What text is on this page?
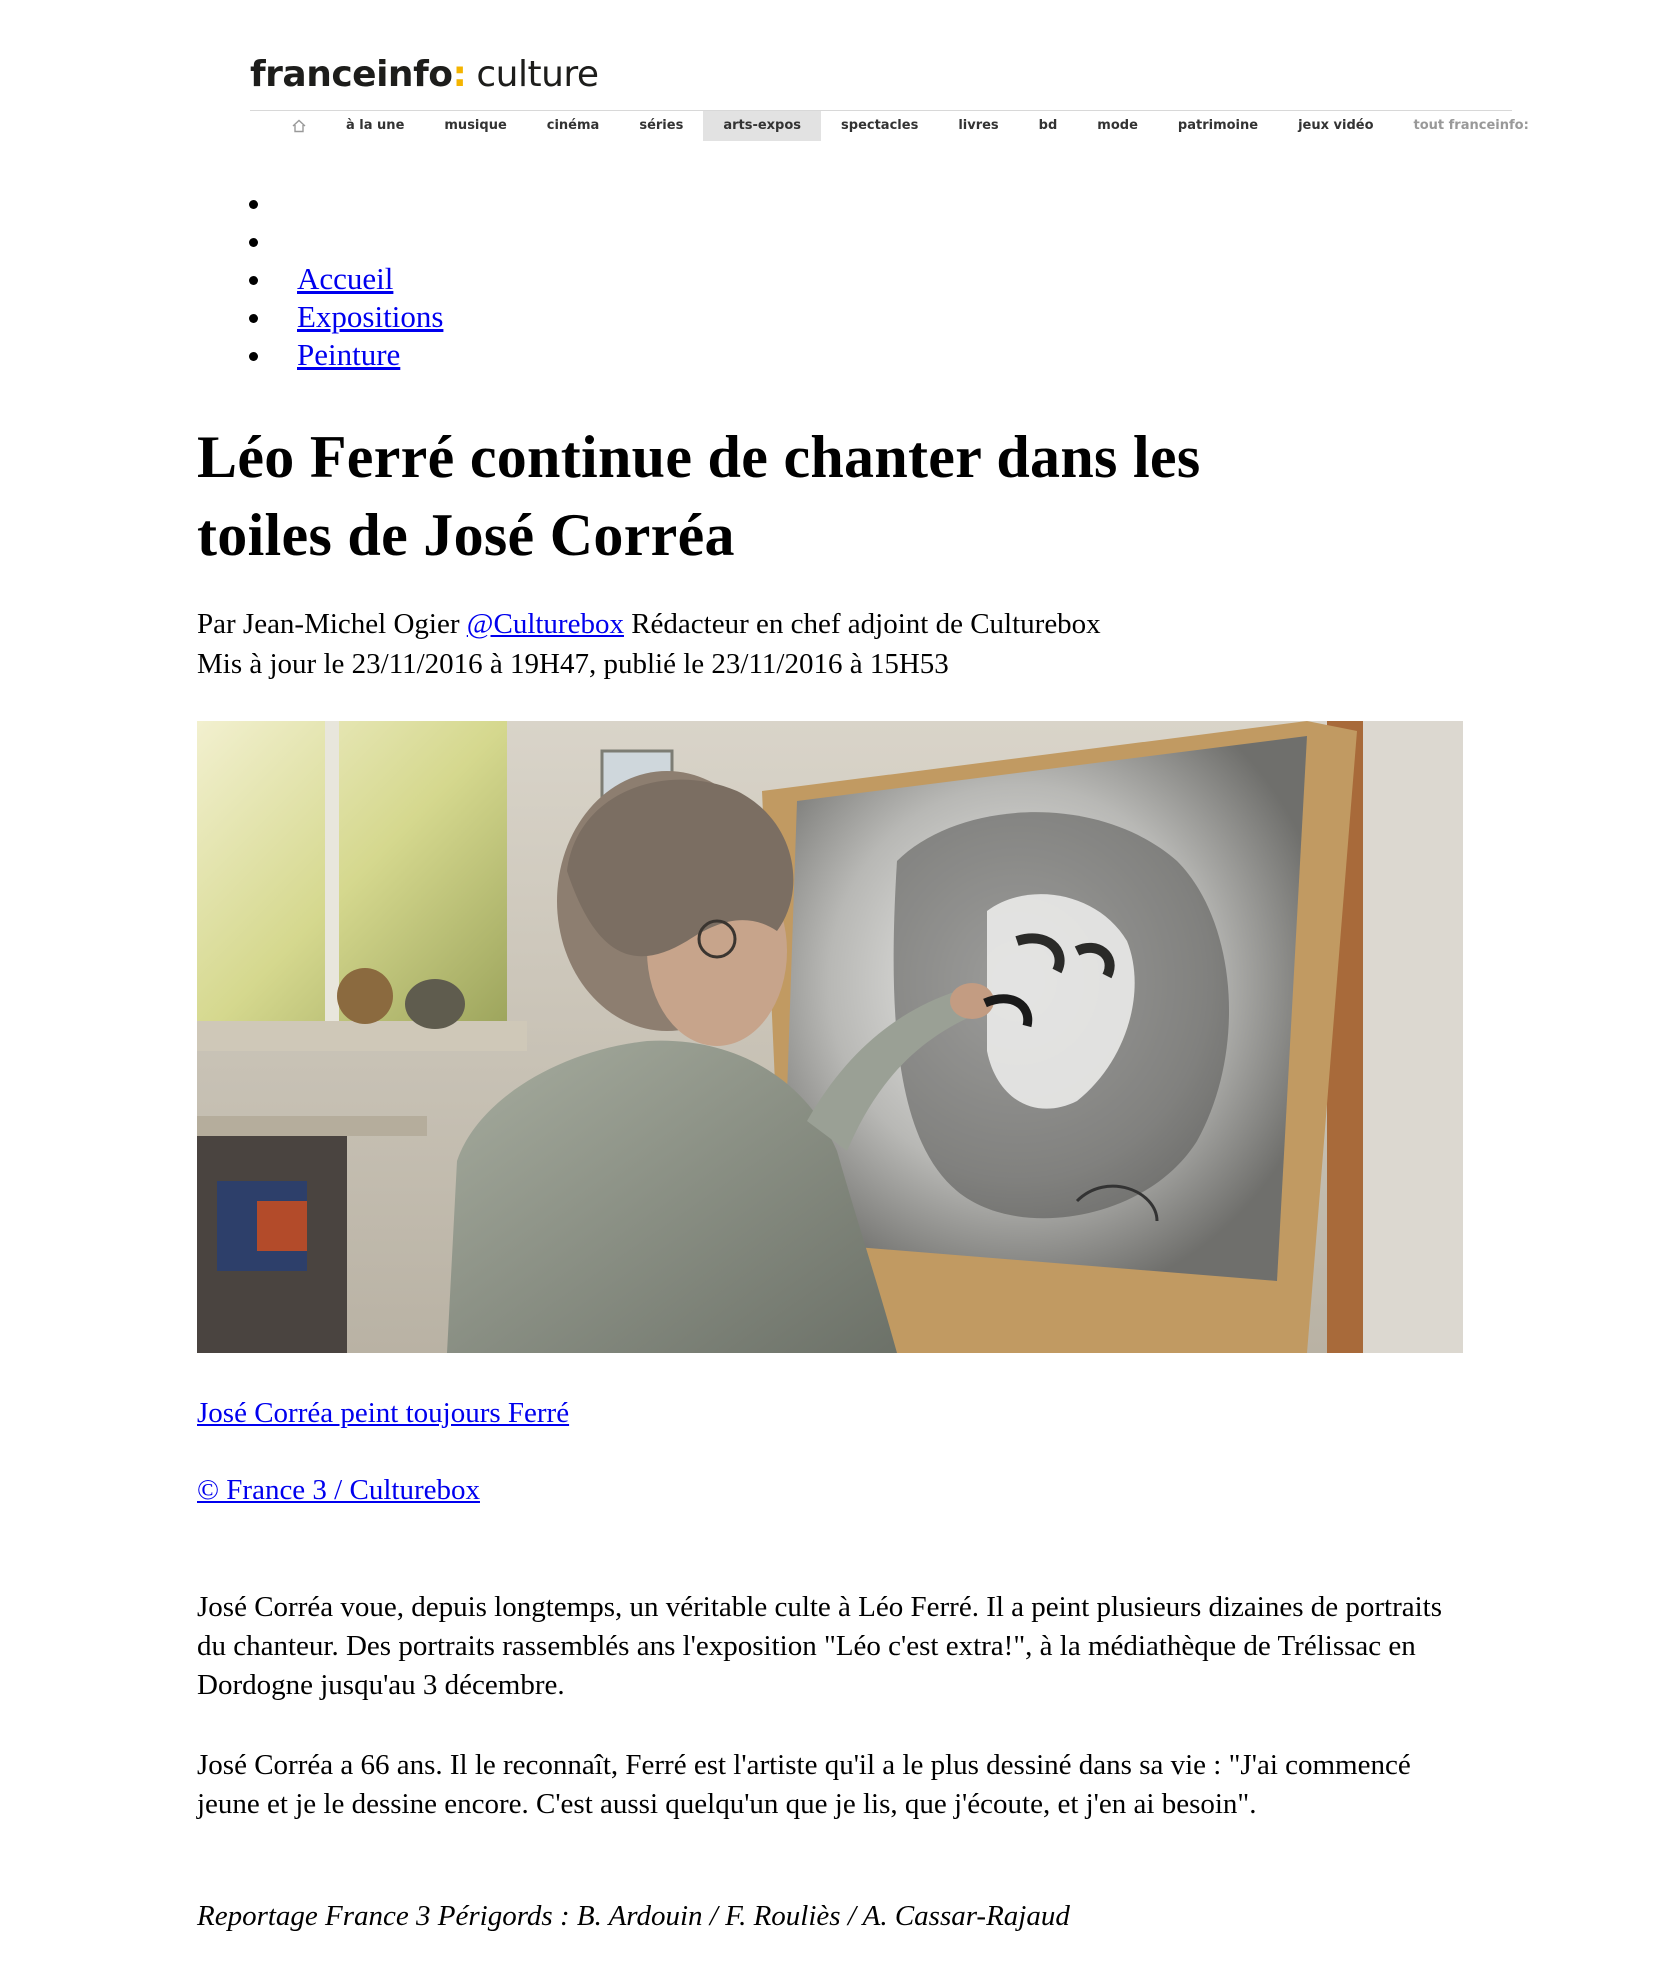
franceinfo: culture
à la une	musique	cinéma	séries	arts-expos	spectacles	livres	bd	mode	patrimoine	jeux vidéo	tout franceinfo:
Accueil
Expositions
Peinture
Léo Ferré continue de chanter dans les toiles de José Corréa
Par Jean-Michel Ogier @Culturebox Rédacteur en chef adjoint de Culturebox
Mis à jour le 23/11/2016 à 19H47, publié le 23/11/2016 à 15H53
José Corréa peint toujours Ferré
© France 3 / Culturebox

José Corréa voue, depuis longtemps, un véritable culte à Léo Ferré. Il a peint plusieurs dizaines de portraits du chanteur. Des portraits rassemblés ans l'exposition "Léo c'est extra!", à la médiathèque de Trélissac en Dordogne jusqu'au 3 décembre.

José Corréa a 66 ans. Il le reconnaît, Ferré est l'artiste qu'il a le plus dessiné dans sa vie : "J'ai commencé jeune et je le dessine encore. C'est aussi quelqu'un que je lis, que j'écoute, et j'en ai besoin".

Reportage France 3 Périgords : B. Ardouin / F. Rouliès / A. Cassar-Rajaud
